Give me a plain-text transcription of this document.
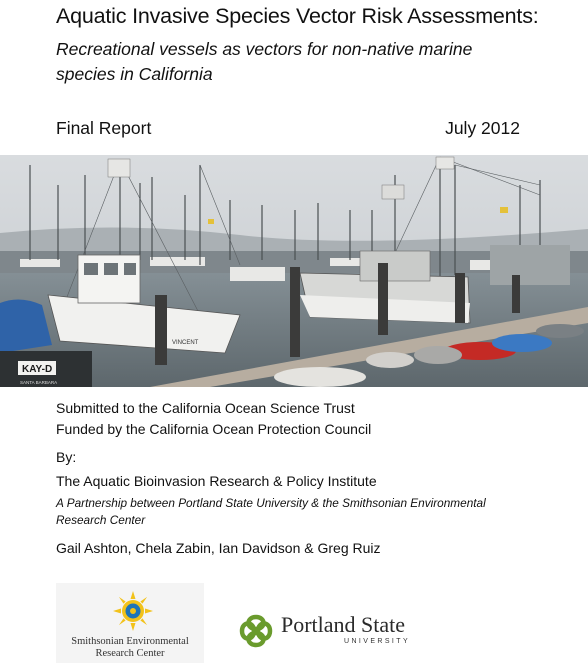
Aquatic Invasive Species Vector Risk Assessments:
Recreational vessels as vectors for non-native marine species in California
Final Report	July 2012
VINCENT
KAY-D
SANTA BARBARA
Submitted to the California Ocean Science Trust
Funded by the California Ocean Protection Council
By:
The Aquatic Bioinvasion Research & Policy Institute
A Partnership between Portland State University & the Smithsonian Environmental Research Center
Gail Ashton, Chela Zabin, Ian Davidson & Greg Ruiz
Smithsonian Environmental
Research Center
Portland State
UNIVERSITY
